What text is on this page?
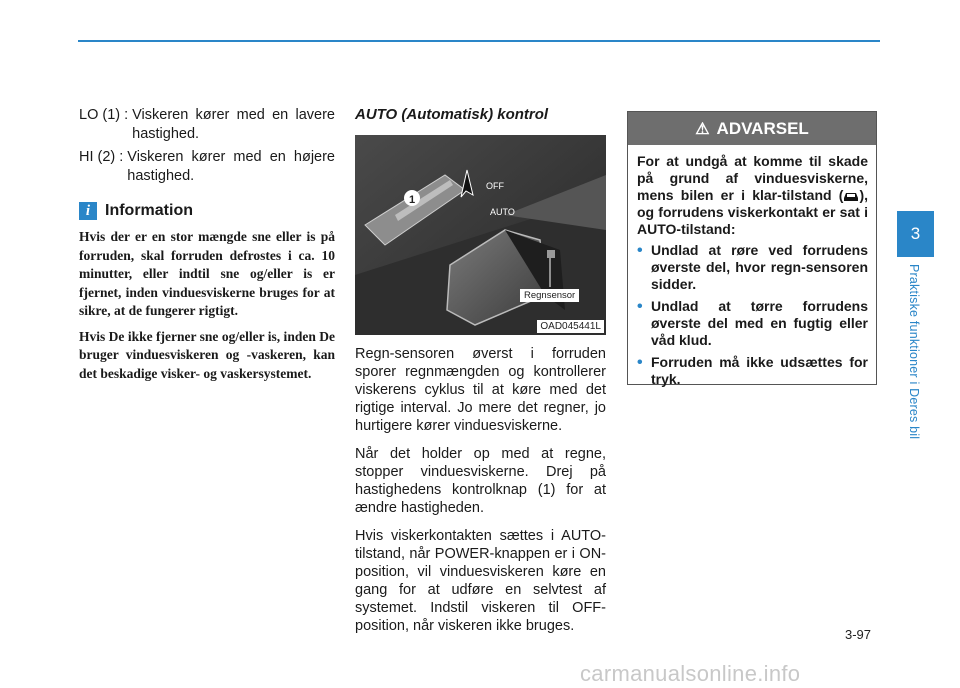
LO (1) : Viskeren kører med en lavere hastighed.
HI (2) : Viskeren kører med en højere hastighed.
i Information

Hvis der er en stor mængde sne eller is på forruden, skal forruden defrostes i ca. 10 minutter, eller indtil sne og/eller is er fjernet, inden vinduesviskerne bruges for at sikre, at de fungerer rigtigt.

Hvis De ikke fjerner sne og/eller is, inden De bruger vinduesviskeren og -vaskeren, kan det beskadige visker- og vaskersystemet.

AUTO (Automatisk) kontrol
1
OFF
AUTO
Regnsensor
OAD045441L

Regn-sensoren øverst i forruden sporer regnmængden og kontrollerer viskerens cyklus til at køre med det rigtige interval. Jo mere det regner, jo hurtigere kører vinduesviskerne.

Når det holder op med at regne, stopper vinduesviskerne. Drej på hastighedens kontrolknap (1) for at ændre hastigheden.

Hvis viskerkontakten sættes i AUTO-tilstand, når POWER-knappen er i ON-position, vil vinduesviskeren køre en gang for at udføre en selvtest af systemet. Indstil viskeren til OFF-position, når viskeren ikke bruges.

⚠ ADVARSEL
For at undgå at komme til skade på grund af vinduesviskerne, mens bilen er i klar-tilstand ( ), og forrudens viskerkontakt er sat i AUTO-tilstand:
• Undlad at røre ved forrudens øverste del, hvor regn-sensoren sidder.
• Undlad at tørre forrudens øverste del med en fugtig eller våd klud.
• Forruden må ikke udsættes for tryk.
3
Praktiske funktioner i Deres bil
3-97
carmanualsonline.info
